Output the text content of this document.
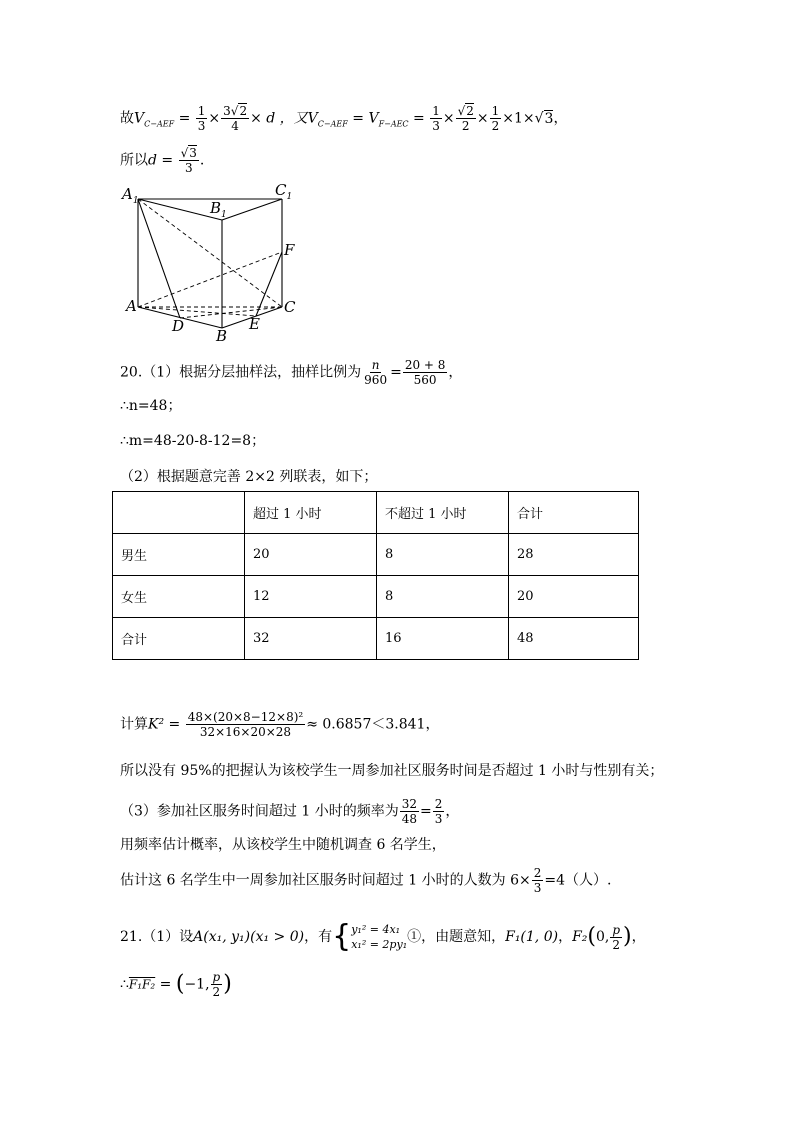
故$V_{C-AEF} = \frac{1}{3} \times \frac{3√2}{4} \times d$ ，又$V_{C-AEF} = V_{F-AEC} = \frac{1}{3} \times \frac{√2}{2} \times \frac{1}{2} \times 1\times√3$，
所以$d = \frac{√3}{3}$ .
$A_1$	$B_1$
$C_1$
F
A	C
D	E
B
20.（1）根据分层抽样法，抽样比例为 $\frac{n}{960} = \frac{20 + 8}{560}$ ，
∴n=48；
∴m=48-20-8-12=8；
（2）根据题意完善 2×2 列联表，如下；
	超过 1 小时	不超过 1 小时	合计
男生	20	8	28
女生	12	8	20
合计	32	16	48
计算$K^2 = \frac{\text{48×(20×8−12×8)²}}{32\times 16\times 20\times 28} \approx 0.6857<3.841$，
所以没有 95%的把握认为该校学生一周参加社区服务时间是否超过 1 小时与性别有关；
（3）参加社区服务时间超过 1 小时的频率为 $\frac{32}{48} = \frac{2}{3}$ ，
用频率估计概率，从该校学生中随机调查 6 名学生，
估计这 6 名学生中一周参加社区服务时间超过 1 小时的人数为 $6\times \frac{2}{3} =4$（人）.
21.（1）设A(x₁, y₁)(x₁ > 0)，有 { y₁² = 4x₁
x₁² = 2py₁ ①，由题意知，F₁(1, 0)，F₂(0, $\frac{p}{2}$ )，
∴F₁F₂ = (−1, $\frac{p}{2}$ )
